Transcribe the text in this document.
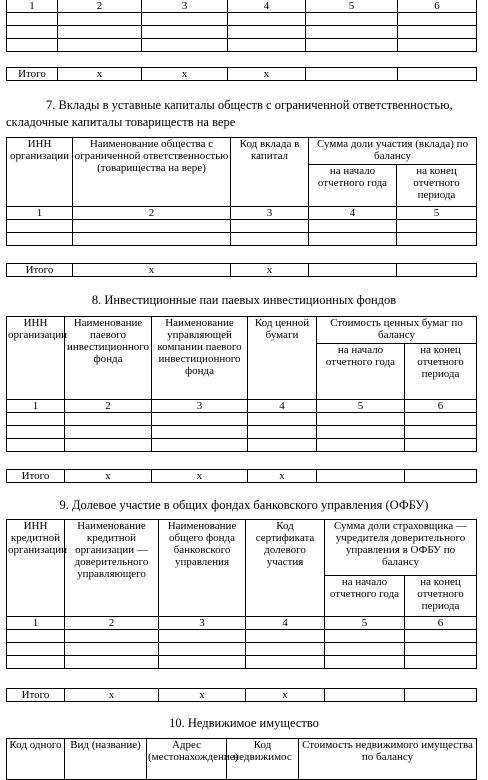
1	2	3	4	5	6

Итого	x	x	x		
7. Вклады в уставные капиталы обществ с ограниченной ответственностью, складочные капиталы товариществ на вере
ИНН организации	Наименование общества с ограниченной ответственностью (товарищества на вере)	Код вклада в капитал	Сумма доли участия (вклада) по балансу	
			на начало отчетного года	на конец отчетного периода
1	2	3	4	5

Итого	x	x		
8. Инвестиционные паи паевых инвестиционных фондов
ИНН организации	Наименование паевого инвестиционного фонда	Наименование управляющей компании паевого инвестиционного фонда	Код ценной бумаги	Стоимость ценных бумаг по балансу	
				на начало отчетного года	на конец отчетного периода
1	2	3	4	5	6

Итого	x	x	x		
9. Долевое участие в общих фондах банковского управления (ОФБУ)
ИНН кредитной организации	Наименование кредитной организации — доверительного управляющего	Наименование общего фонда банковского управления	Код сертификата долевого участия	Сумма доли страховщика — учредителя доверительного управления в ОФБУ по балансу	
				на начало отчетного года	на конец отчетного периода
1	2	3	4	5	6

Итого	x	x	x		
10. Недвижимое имущество
Код одного	Вид (название)	Адрес (местонахождение)	Код недвижимос	Стоимость недвижимого имущества по балансу
